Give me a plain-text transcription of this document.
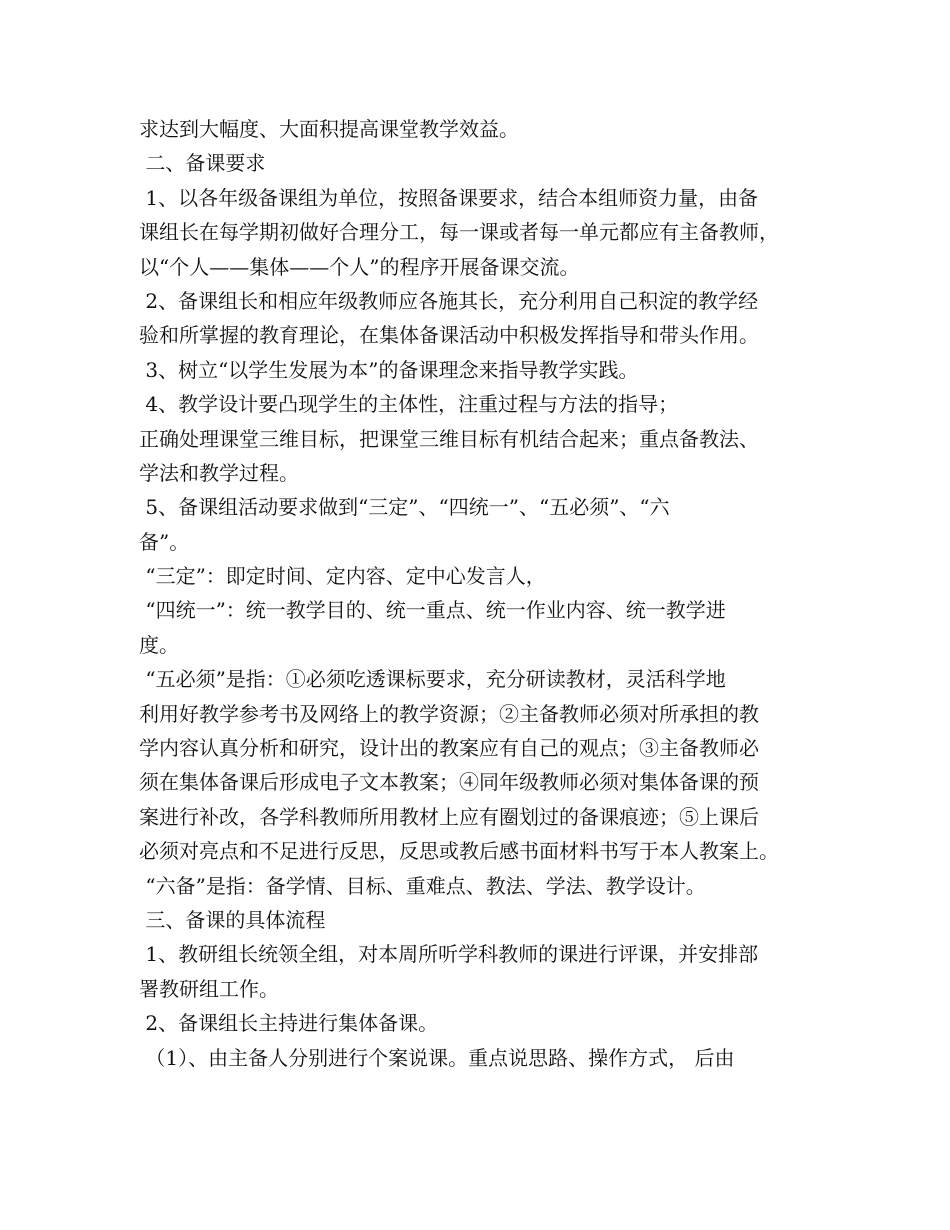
求达到大幅度、大面积提高课堂教学效益。
二、备课要求
1、以各年级备课组为单位，按照备课要求，结合本组师资力量，由备
课组长在每学期初做好合理分工，每一课或者每一单元都应有主备教师，
以“个人——集体——个人”的程序开展备课交流。
2、备课组长和相应年级教师应各施其长，充分利用自己积淀的教学经
验和所掌握的教育理论，在集体备课活动中积极发挥指导和带头作用。
3、树立“以学生发展为本”的备课理念来指导教学实践。
4、教学设计要凸现学生的主体性，注重过程与方法的指导；
正确处理课堂三维目标，把课堂三维目标有机结合起来；重点备教法、
学法和教学过程。
5、备课组活动要求做到“三定”、“四统一”、“五必须”、“六
备”。
“三定”：即定时间、定内容、定中心发言人，
“四统一”：统一教学目的、统一重点、统一作业内容、统一教学进
度。
“五必须”是指：①必须吃透课标要求，充分研读教材，灵活科学地
利用好教学参考书及网络上的教学资源；②主备教师必须对所承担的教
学内容认真分析和研究，设计出的教案应有自己的观点；③主备教师必
须在集体备课后形成电子文本教案；④同年级教师必须对集体备课的预
案进行补改，各学科教师所用教材上应有圈划过的备课痕迹；⑤上课后
必须对亮点和不足进行反思，反思或教后感书面材料书写于本人教案上。
“六备”是指：备学情、目标、重难点、教法、学法、教学设计。
三、备课的具体流程
1、教研组长统领全组，对本周所听学科教师的课进行评课，并安排部
署教研组工作。
2、备课组长主持进行集体备课。
（1）、由主备人分别进行个案说课。重点说思路、操作方式， 后由
